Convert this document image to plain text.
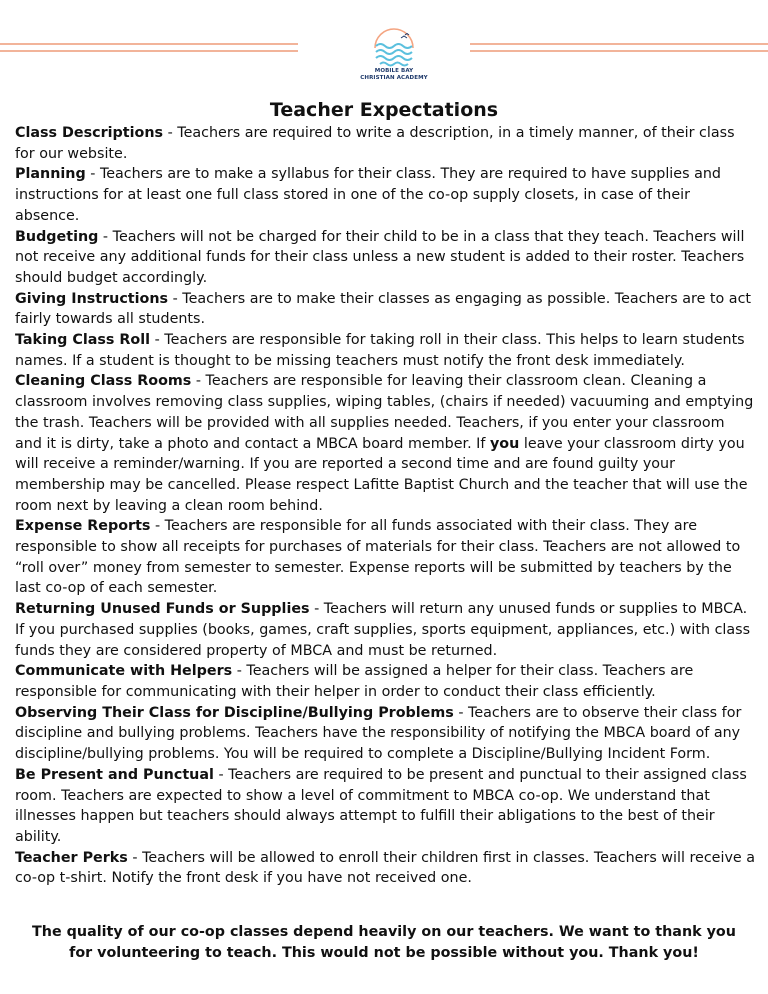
MOBILE BAY
CHRISTIAN ACADEMY
Teacher Expectations

Class Descriptions - Teachers are required to write a description, in a timely manner, of their class for our website.

Planning - Teachers are to make a syllabus for their class. They are required to have supplies and instructions for at least one full class stored in one of the co-op supply closets, in case of their absence.

Budgeting - Teachers will not be charged for their child to be in a class that they teach. Teachers will not receive any additional funds for their class unless a new student is added to their roster. Teachers should budget accordingly.

Giving Instructions - Teachers are to make their classes as engaging as possible. Teachers are to act fairly towards all students.

Taking Class Roll - Teachers are responsible for taking roll in their class. This helps to learn students names. If a student is thought to be missing teachers must notify the front desk immediately.

Cleaning Class Rooms - Teachers are responsible for leaving their classroom clean. Cleaning a classroom involves removing class supplies, wiping tables, (chairs if needed) vacuuming and emptying the trash. Teachers will be provided with all supplies needed. Teachers, if you enter your classroom and it is dirty, take a photo and contact a MBCA board member. If you leave your classroom dirty you will receive a reminder/warning. If you are reported a second time and are found guilty your membership may be cancelled. Please respect Lafitte Baptist Church and the teacher that will use the room next by leaving a clean room behind.

Expense Reports - Teachers are responsible for all funds associated with their class. They are responsible to show all receipts for purchases of materials for their class. Teachers are not allowed to “roll over” money from semester to semester. Expense reports will be submitted by teachers by the last co-op of each semester.

Returning Unused Funds or Supplies - Teachers will return any unused funds or supplies to MBCA. If you purchased supplies (books, games, craft supplies, sports equipment, appliances, etc.) with class funds they are considered property of MBCA and must be returned.

Communicate with Helpers - Teachers will be assigned a helper for their class. Teachers are responsible for communicating with their helper in order to conduct their class efficiently.

Observing Their Class for Discipline/Bullying Problems - Teachers are to observe their class for discipline and bullying problems. Teachers have the responsibility of notifying the MBCA board of any discipline/bullying problems. You will be required to complete a Discipline/Bullying Incident Form.

Be Present and Punctual - Teachers are required to be present and punctual to their assigned class room. Teachers are expected to show a level of commitment to MBCA co-op. We understand that illnesses happen but teachers should always attempt to fulfill their abligations to the best of their ability.

Teacher Perks - Teachers will be allowed to enroll their children first in classes. Teachers will receive a co-op t-shirt. Notify the front desk if you have not received one.

The quality of our co-op classes depend heavily on our teachers. We want to thank you for volunteering to teach. This would not be possible without you. Thank you!
